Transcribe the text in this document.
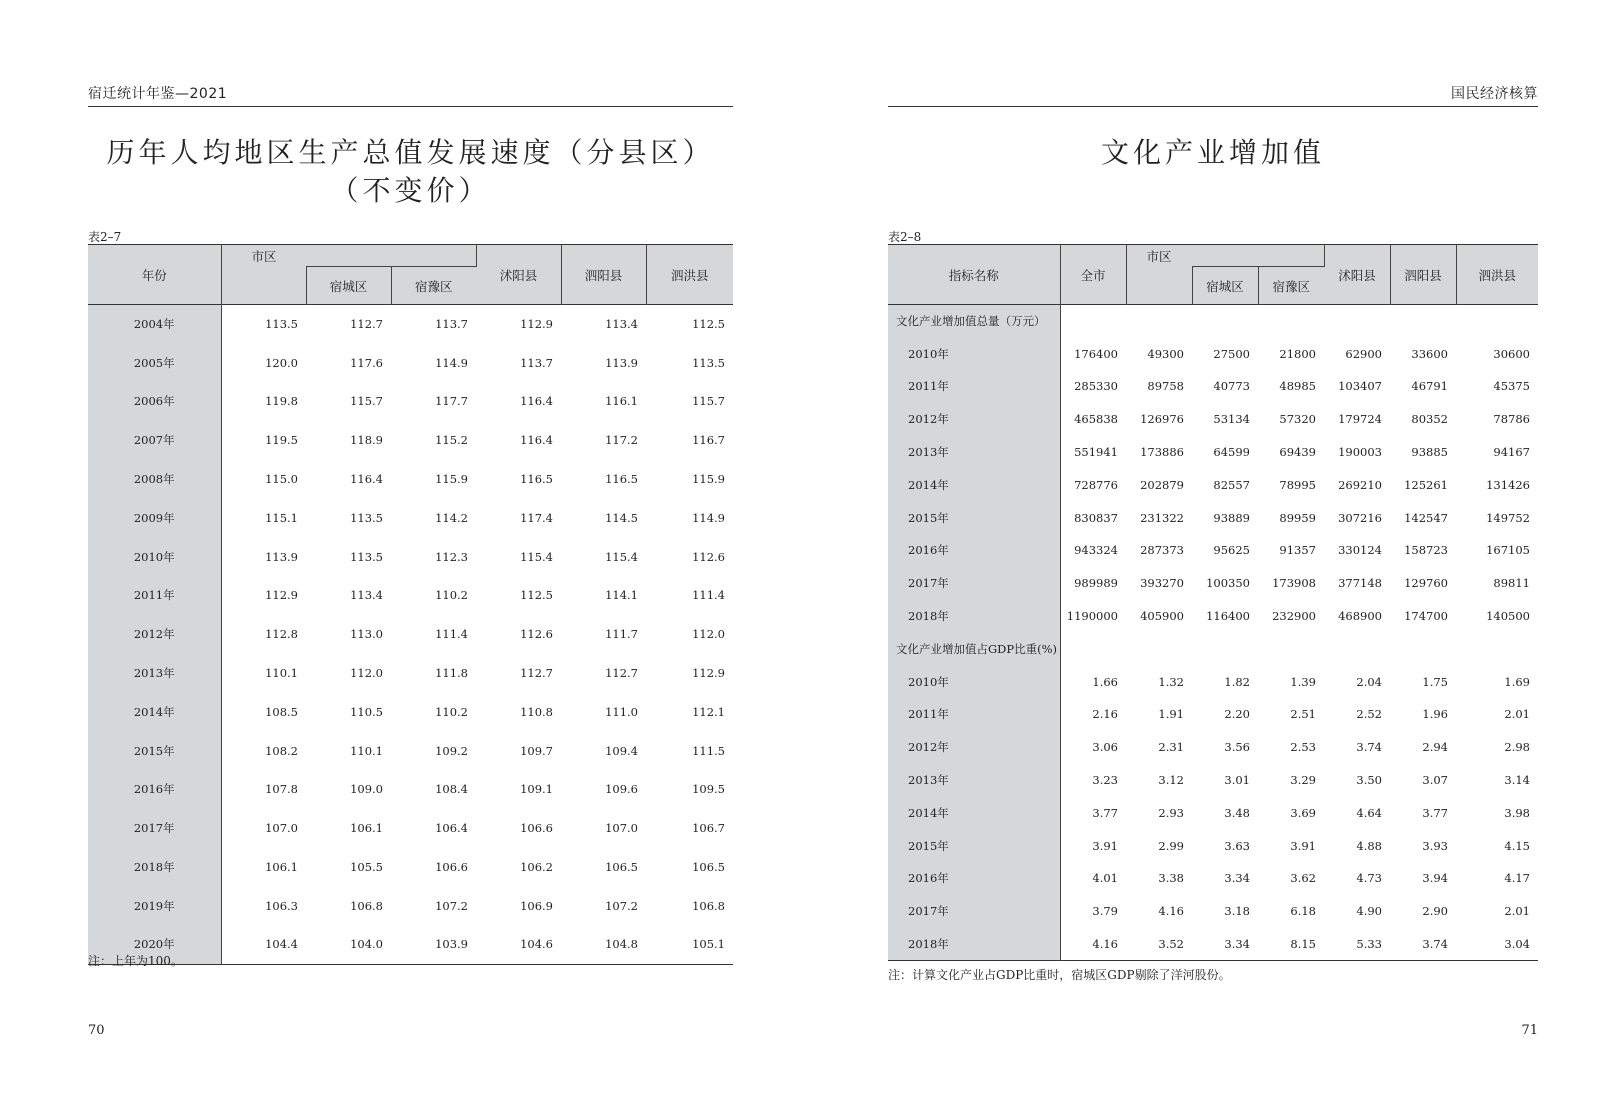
宿迁统计年鉴—2021
历年人均地区生产总值发展速度（分县区）
（不变价）
表2–7
年份	市区			沭阳县	泗阳县	泗洪县
		宿城区	宿豫区			
2004年	113.5	112.7	113.7	112.9	113.4	112.5
2005年	120.0	117.6	114.9	113.7	113.9	113.5
2006年	119.8	115.7	117.7	116.4	116.1	115.7
2007年	119.5	118.9	115.2	116.4	117.2	116.7
2008年	115.0	116.4	115.9	116.5	116.5	115.9
2009年	115.1	113.5	114.2	117.4	114.5	114.9
2010年	113.9	113.5	112.3	115.4	115.4	112.6
2011年	112.9	113.4	110.2	112.5	114.1	111.4
2012年	112.8	113.0	111.4	112.6	111.7	112.0
2013年	110.1	112.0	111.8	112.7	112.7	112.9
2014年	108.5	110.5	110.2	110.8	111.0	112.1
2015年	108.2	110.1	109.2	109.7	109.4	111.5
2016年	107.8	109.0	108.4	109.1	109.6	109.5
2017年	107.0	106.1	106.4	106.6	107.0	106.7
2018年	106.1	105.5	106.6	106.2	106.5	106.5
2019年	106.3	106.8	107.2	106.9	107.2	106.8
2020年	104.4	104.0	103.9	104.6	104.8	105.1
注：上年为100。
70
国民经济核算
文化产业增加值
表2–8
指标名称	全市	市区			沭阳县	泗阳县	泗洪县
			宿城区	宿豫区			
文化产业增加值总量（万元）							
2010年	176400	49300	27500	21800	62900	33600	30600
2011年	285330	89758	40773	48985	103407	46791	45375
2012年	465838	126976	53134	57320	179724	80352	78786
2013年	551941	173886	64599	69439	190003	93885	94167
2014年	728776	202879	82557	78995	269210	125261	131426
2015年	830837	231322	93889	89959	307216	142547	149752
2016年	943324	287373	95625	91357	330124	158723	167105
2017年	989989	393270	100350	173908	377148	129760	89811
2018年	1190000	405900	116400	232900	468900	174700	140500
文化产业增加值占GDP比重(%)							
2010年	1.66	1.32	1.82	1.39	2.04	1.75	1.69
2011年	2.16	1.91	2.20	2.51	2.52	1.96	2.01
2012年	3.06	2.31	3.56	2.53	3.74	2.94	2.98
2013年	3.23	3.12	3.01	3.29	3.50	3.07	3.14
2014年	3.77	2.93	3.48	3.69	4.64	3.77	3.98
2015年	3.91	2.99	3.63	3.91	4.88	3.93	4.15
2016年	4.01	3.38	3.34	3.62	4.73	3.94	4.17
2017年	3.79	4.16	3.18	6.18	4.90	2.90	2.01
2018年	4.16	3.52	3.34	8.15	5.33	3.74	3.04
注：计算文化产业占GDP比重时，宿城区GDP剔除了洋河股份。
71
